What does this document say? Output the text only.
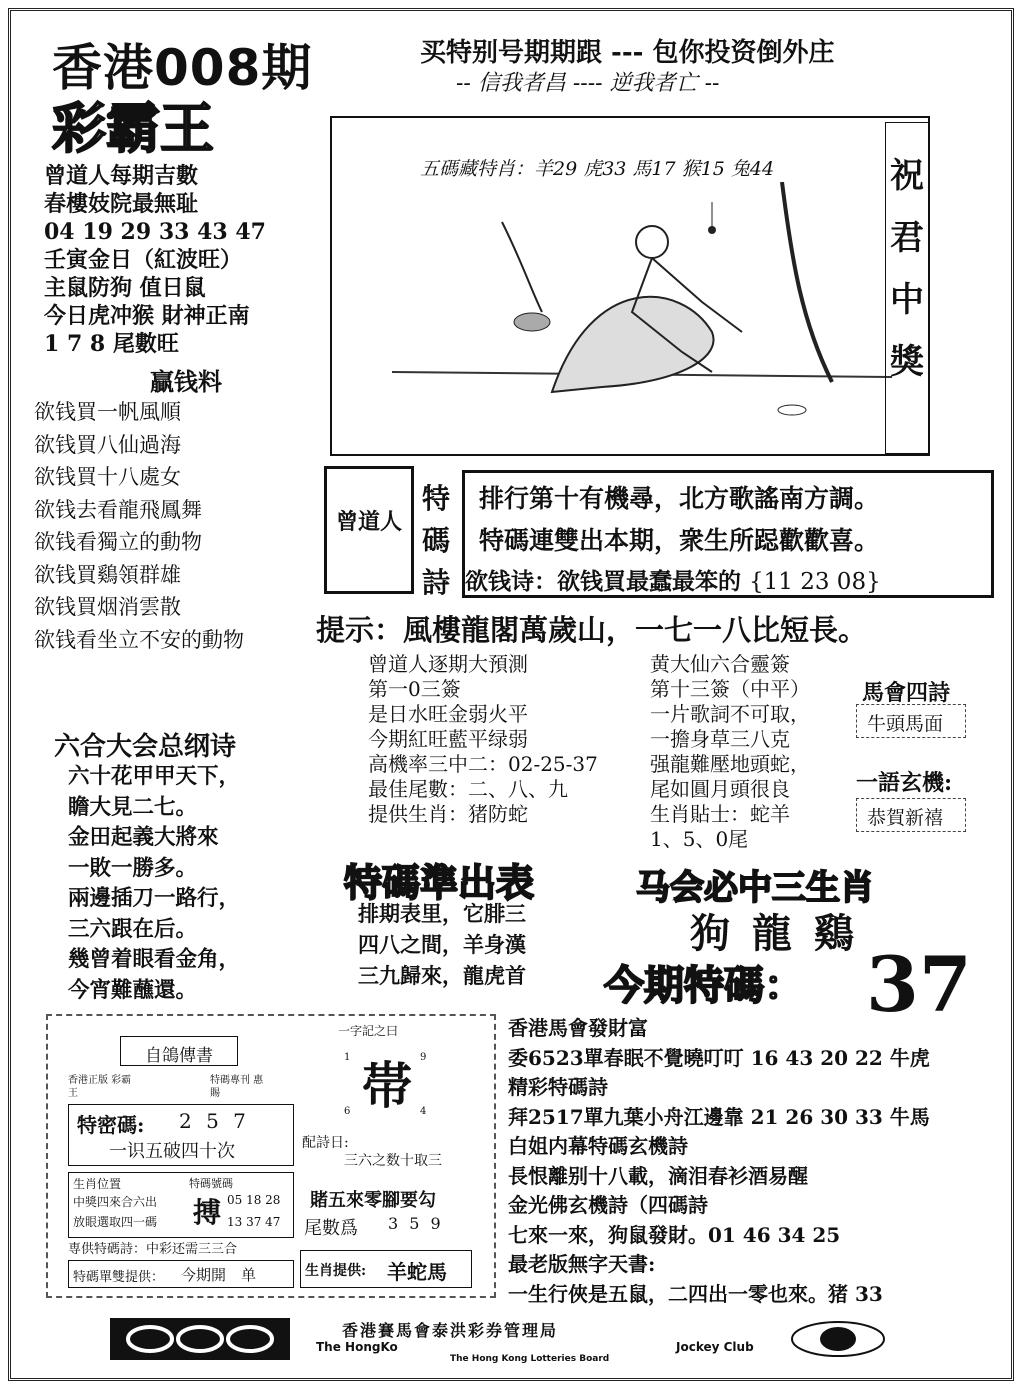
香港008期
彩霸王
买特别号期期跟 --- 包你投资倒外庄
-- 信我者昌 ---- 逆我者亡 --
曾道人每期吉數
春樓妓院最無耻
04 19 29 33 43 47
壬寅金日（紅波旺）
主鼠防狗 值日鼠
今日虎冲猴 財神正南
1 7 8 尾數旺
贏钱料
欲钱買一帆風順
欲钱買八仙過海
欲钱買十八處女
欲钱去看龍飛鳳舞
欲钱看獨立的動物
欲钱買鷄領群雄
欲钱買烟消雲散
欲钱看坐立不安的動物
五碼藏特肖：羊29 虎33 馬17 猴15 兔44	祝
君
中
獎
曾道人
特
碼
詩
排行第十有機尋，北方歌謠南方調。
特碼連雙出本期，衆生所跽歡歡喜。
欲钱诗：欲钱買最蠢最笨的 {11 23 08}
提示：風樓龍閣萬歲山，一七一八比短長。
曾道人逐期大預測
第一0三簽
是日水旺金弱火平
今期紅旺藍平绿弱
高機率三中二：02-25-37
最佳尾數：二、八、九
提供生肖：猪防蛇
黄大仙六合靈簽
第十三簽（中平）
一片歌詞不可取，
一擔身草三八克
强龍難壓地頭蛇，
尾如圓月頭很良
生肖貼士：蛇羊
1、5、0尾
馬會四詩
牛頭馬面
一語玄機:
恭賀新禧
六合大会总纲诗
六十花甲甲天下，
瞻大見二七。
金田起義大將來
一敗一勝多。
兩邊插刀一路行，
三六跟在后。
幾曾着眼看金角，
今宵難蘸還。
特碼準出表
排期表里，它腓三
四八之間，羊身漢
三九歸來，龍虎首
马会必中三生肖
狗 龍 鷄
今期特碼： 37
自鴿傳書
香港正版 彩霸王
特碼專刊 惠賜
特密碼: 2 5 7
一识五破四十次
生肖位置
中獎四來合六出
放眼選取四一碼
特碼號碼
搏 05 18 28
13 37 47
専供特碼詩：中彩还需三三合
特碼單雙提供： 今期開　单
一字記之曰
1	9
帯
6	4
配詩日:
三六之数十取三
賭五來零腳要勾
尾數爲 3 5 9
生肖提供: 羊蛇馬
香港馬會發財富
委6523單春眠不覺曉叮叮 16 43 20 22 牛虎
精彩特碼詩
拜2517單九葉小舟江邊靠 21 26 30 33 牛馬
白姐内幕特碼玄機詩
長恨離别十八載，滴泪春衫酒易醒
金光佛玄機詩（四碼詩
七來一來，狗鼠發財。01 46 34 25
最老版無字天書:
一生行俠是五鼠，二四出一零也來。猪 33
香港賽馬會泰洪彩券管理局
The HongKo	Jockey Club
The Hong Kong Lotteries Board
